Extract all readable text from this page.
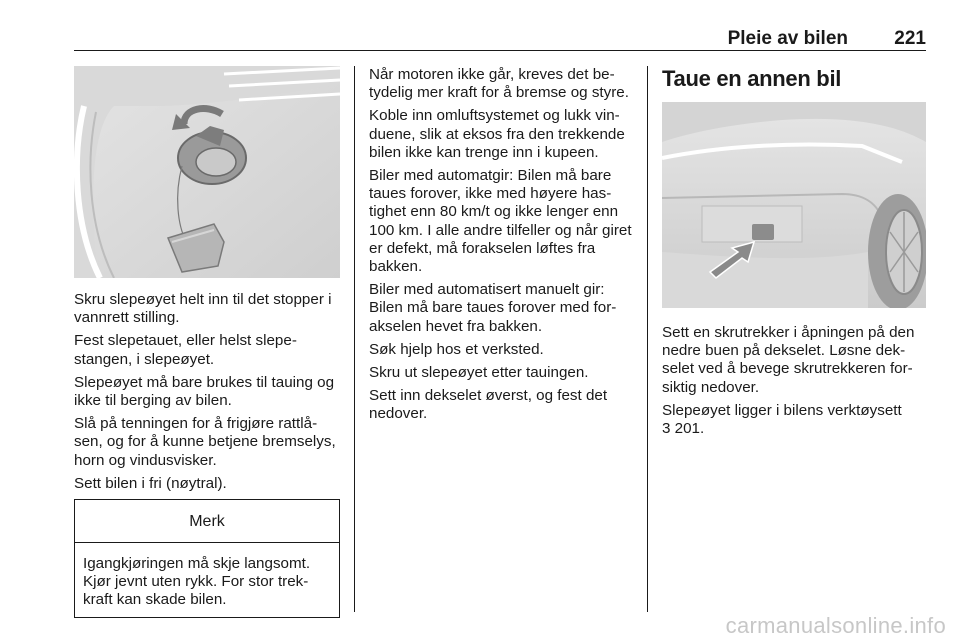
Pleie av bilen 221

Skru slepeøyet helt inn til det stopper i vannrett stilling.

Fest slepetauet, eller helst slepestangen, i slepeøyet.

Slepeøyet må bare brukes til tauing og ikke til berging av bilen.

Slå på tenningen for å frigjøre rattlåsen, og for å kunne betjene bremselys, horn og vindusvisker.

Sett bilen i fri (nøytral).

Merk

Igangkjøringen må skje langsomt. Kjør jevnt uten rykk. For stor trekkraft kan skade bilen.

Når motoren ikke går, kreves det betydelig mer kraft for å bremse og styre.

Koble inn omluftsystemet og lukk vinduene, slik at eksos fra den trekkende bilen ikke kan trenge inn i kupeen.

Biler med automatgir: Bilen må bare taues forover, ikke med høyere hastighet enn 80 km/t og ikke lenger enn 100 km. I alle andre tilfeller og når giret er defekt, må forakselen løftes fra bakken.

Biler med automatisert manuelt gir: Bilen må bare taues forover med forakselen hevet fra bakken.

Søk hjelp hos et verksted.

Skru ut slepeøyet etter tauingen.

Sett inn dekselet øverst, og fest det nedover.

Taue en annen bil

Sett en skrutrekker i åpningen på den nedre buen på dekselet. Løsne dekselet ved å bevege skrutrekkeren forsiktig nedover.

Slepeøyet ligger i bilens verktøysett
3 201.

carmanualsonline.info
